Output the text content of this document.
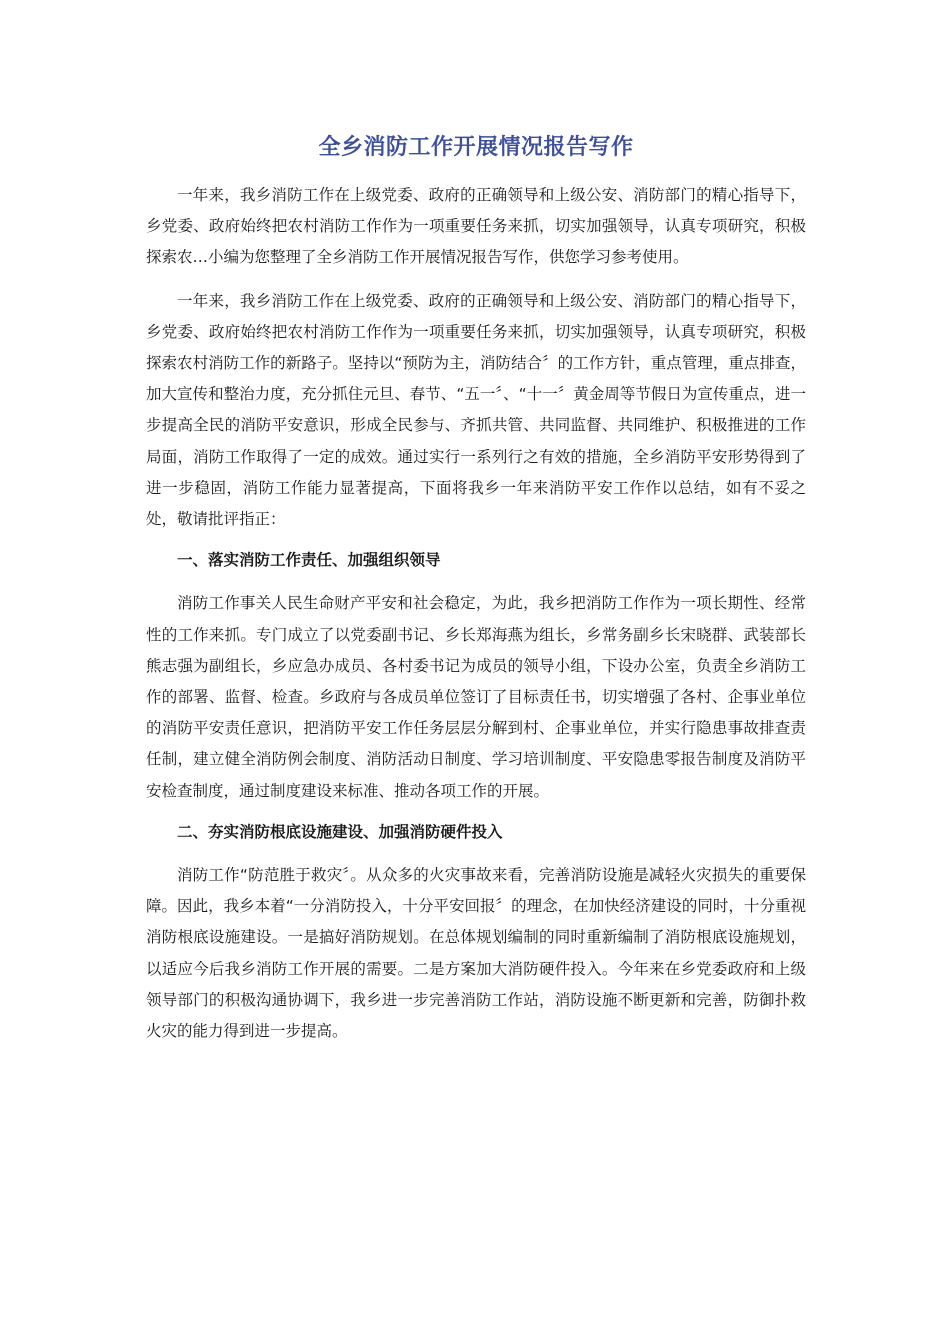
全乡消防工作开展情况报告写作

一年来，我乡消防工作在上级党委、政府的正确领导和上级公安、消防部门的精心指导下，乡党委、政府始终把农村消防工作作为一项重要任务来抓，切实加强领导，认真专项研究，积极探索农…小编为您整理了全乡消防工作开展情况报告写作，供您学习参考使用。

一年来，我乡消防工作在上级党委、政府的正确领导和上级公安、消防部门的精心指导下，乡党委、政府始终把农村消防工作作为一项重要任务来抓，切实加强领导，认真专项研究，积极探索农村消防工作的新路子。坚持以“预防为主，消防结合〞的工作方针，重点管理，重点排查，加大宣传和整治力度，充分抓住元旦、春节、“五一〞、“十一〞黄金周等节假日为宣传重点，进一步提高全民的消防平安意识，形成全民参与、齐抓共管、共同监督、共同维护、积极推进的工作局面，消防工作取得了一定的成效。通过实行一系列行之有效的措施，全乡消防平安形势得到了进一步稳固，消防工作能力显著提高，下面将我乡一年来消防平安工作作以总结，如有不妥之处，敬请批评指正：

一、落实消防工作责任、加强组织领导

消防工作事关人民生命财产平安和社会稳定，为此，我乡把消防工作作为一项长期性、经常性的工作来抓。专门成立了以党委副书记、乡长郑海燕为组长，乡常务副乡长宋晓群、武装部长熊志强为副组长，乡应急办成员、各村委书记为成员的领导小组，下设办公室，负责全乡消防工作的部署、监督、检查。乡政府与各成员单位签订了目标责任书，切实增强了各村、企事业单位的消防平安责任意识，把消防平安工作任务层层分解到村、企事业单位，并实行隐患事故排查责任制，建立健全消防例会制度、消防活动日制度、学习培训制度、平安隐患零报告制度及消防平安检查制度，通过制度建设来标准、推动各项工作的开展。

二、夯实消防根底设施建设、加强消防硬件投入

消防工作“防范胜于救灾〞。从众多的火灾事故来看，完善消防设施是减轻火灾损失的重要保障。因此，我乡本着“一分消防投入，十分平安回报〞的理念，在加快经济建设的同时，十分重视消防根底设施建设。一是搞好消防规划。在总体规划编制的同时重新编制了消防根底设施规划，以适应今后我乡消防工作开展的需要。二是方案加大消防硬件投入。今年来在乡党委政府和上级领导部门的积极沟通协调下，我乡进一步完善消防工作站，消防设施不断更新和完善，防御扑救火灾的能力得到进一步提高。
